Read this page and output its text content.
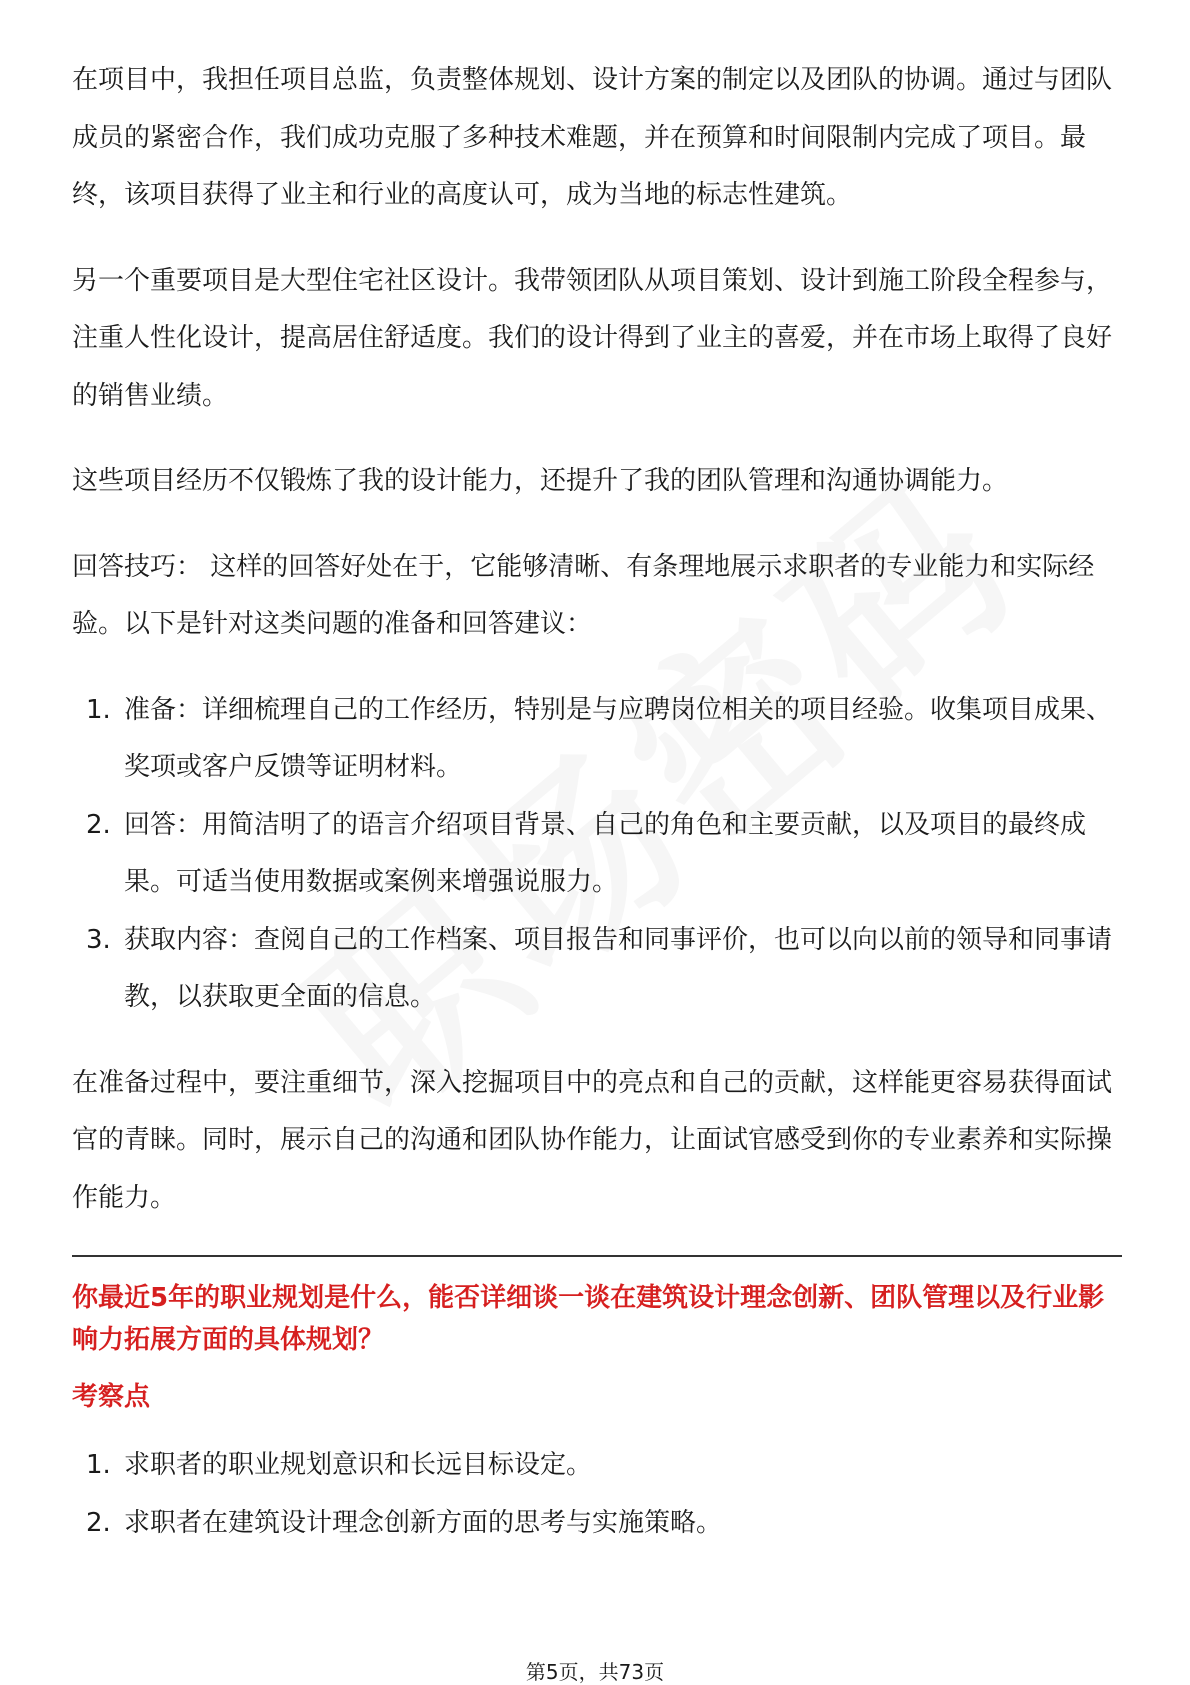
在项目中，我担任项目总监，负责整体规划、设计方案的制定以及团队的协调。通过与团队成员的紧密合作，我们成功克服了多种技术难题，并在预算和时间限制内完成了项目。最终，该项目获得了业主和行业的高度认可，成为当地的标志性建筑。

另一个重要项目是大型住宅社区设计。我带领团队从项目策划、设计到施工阶段全程参与，注重人性化设计，提高居住舒适度。我们的设计得到了业主的喜爱，并在市场上取得了良好的销售业绩。

这些项目经历不仅锻炼了我的设计能力，还提升了我的团队管理和沟通协调能力。

回答技巧： 这样的回答好处在于，它能够清晰、有条理地展示求职者的专业能力和实际经验。以下是针对这类问题的准备和回答建议：

1. 准备：详细梳理自己的工作经历，特别是与应聘岗位相关的项目经验。收集项目成果、奖项或客户反馈等证明材料。
2. 回答：用简洁明了的语言介绍项目背景、自己的角色和主要贡献，以及项目的最终成果。可适当使用数据或案例来增强说服力。
3. 获取内容：查阅自己的工作档案、项目报告和同事评价，也可以向以前的领导和同事请教，以获取更全面的信息。

在准备过程中，要注重细节，深入挖掘项目中的亮点和自己的贡献，这样能更容易获得面试官的青睐。同时，展示自己的沟通和团队协作能力，让面试官感受到你的专业素养和实际操作能力。

你最近5年的职业规划是什么，能否详细谈一谈在建筑设计理念创新、团队管理以及行业影响力拓展方面的具体规划？

考察点

1. 求职者的职业规划意识和长远目标设定。
2. 求职者在建筑设计理念创新方面的思考与实施策略。
第5页，共73页
